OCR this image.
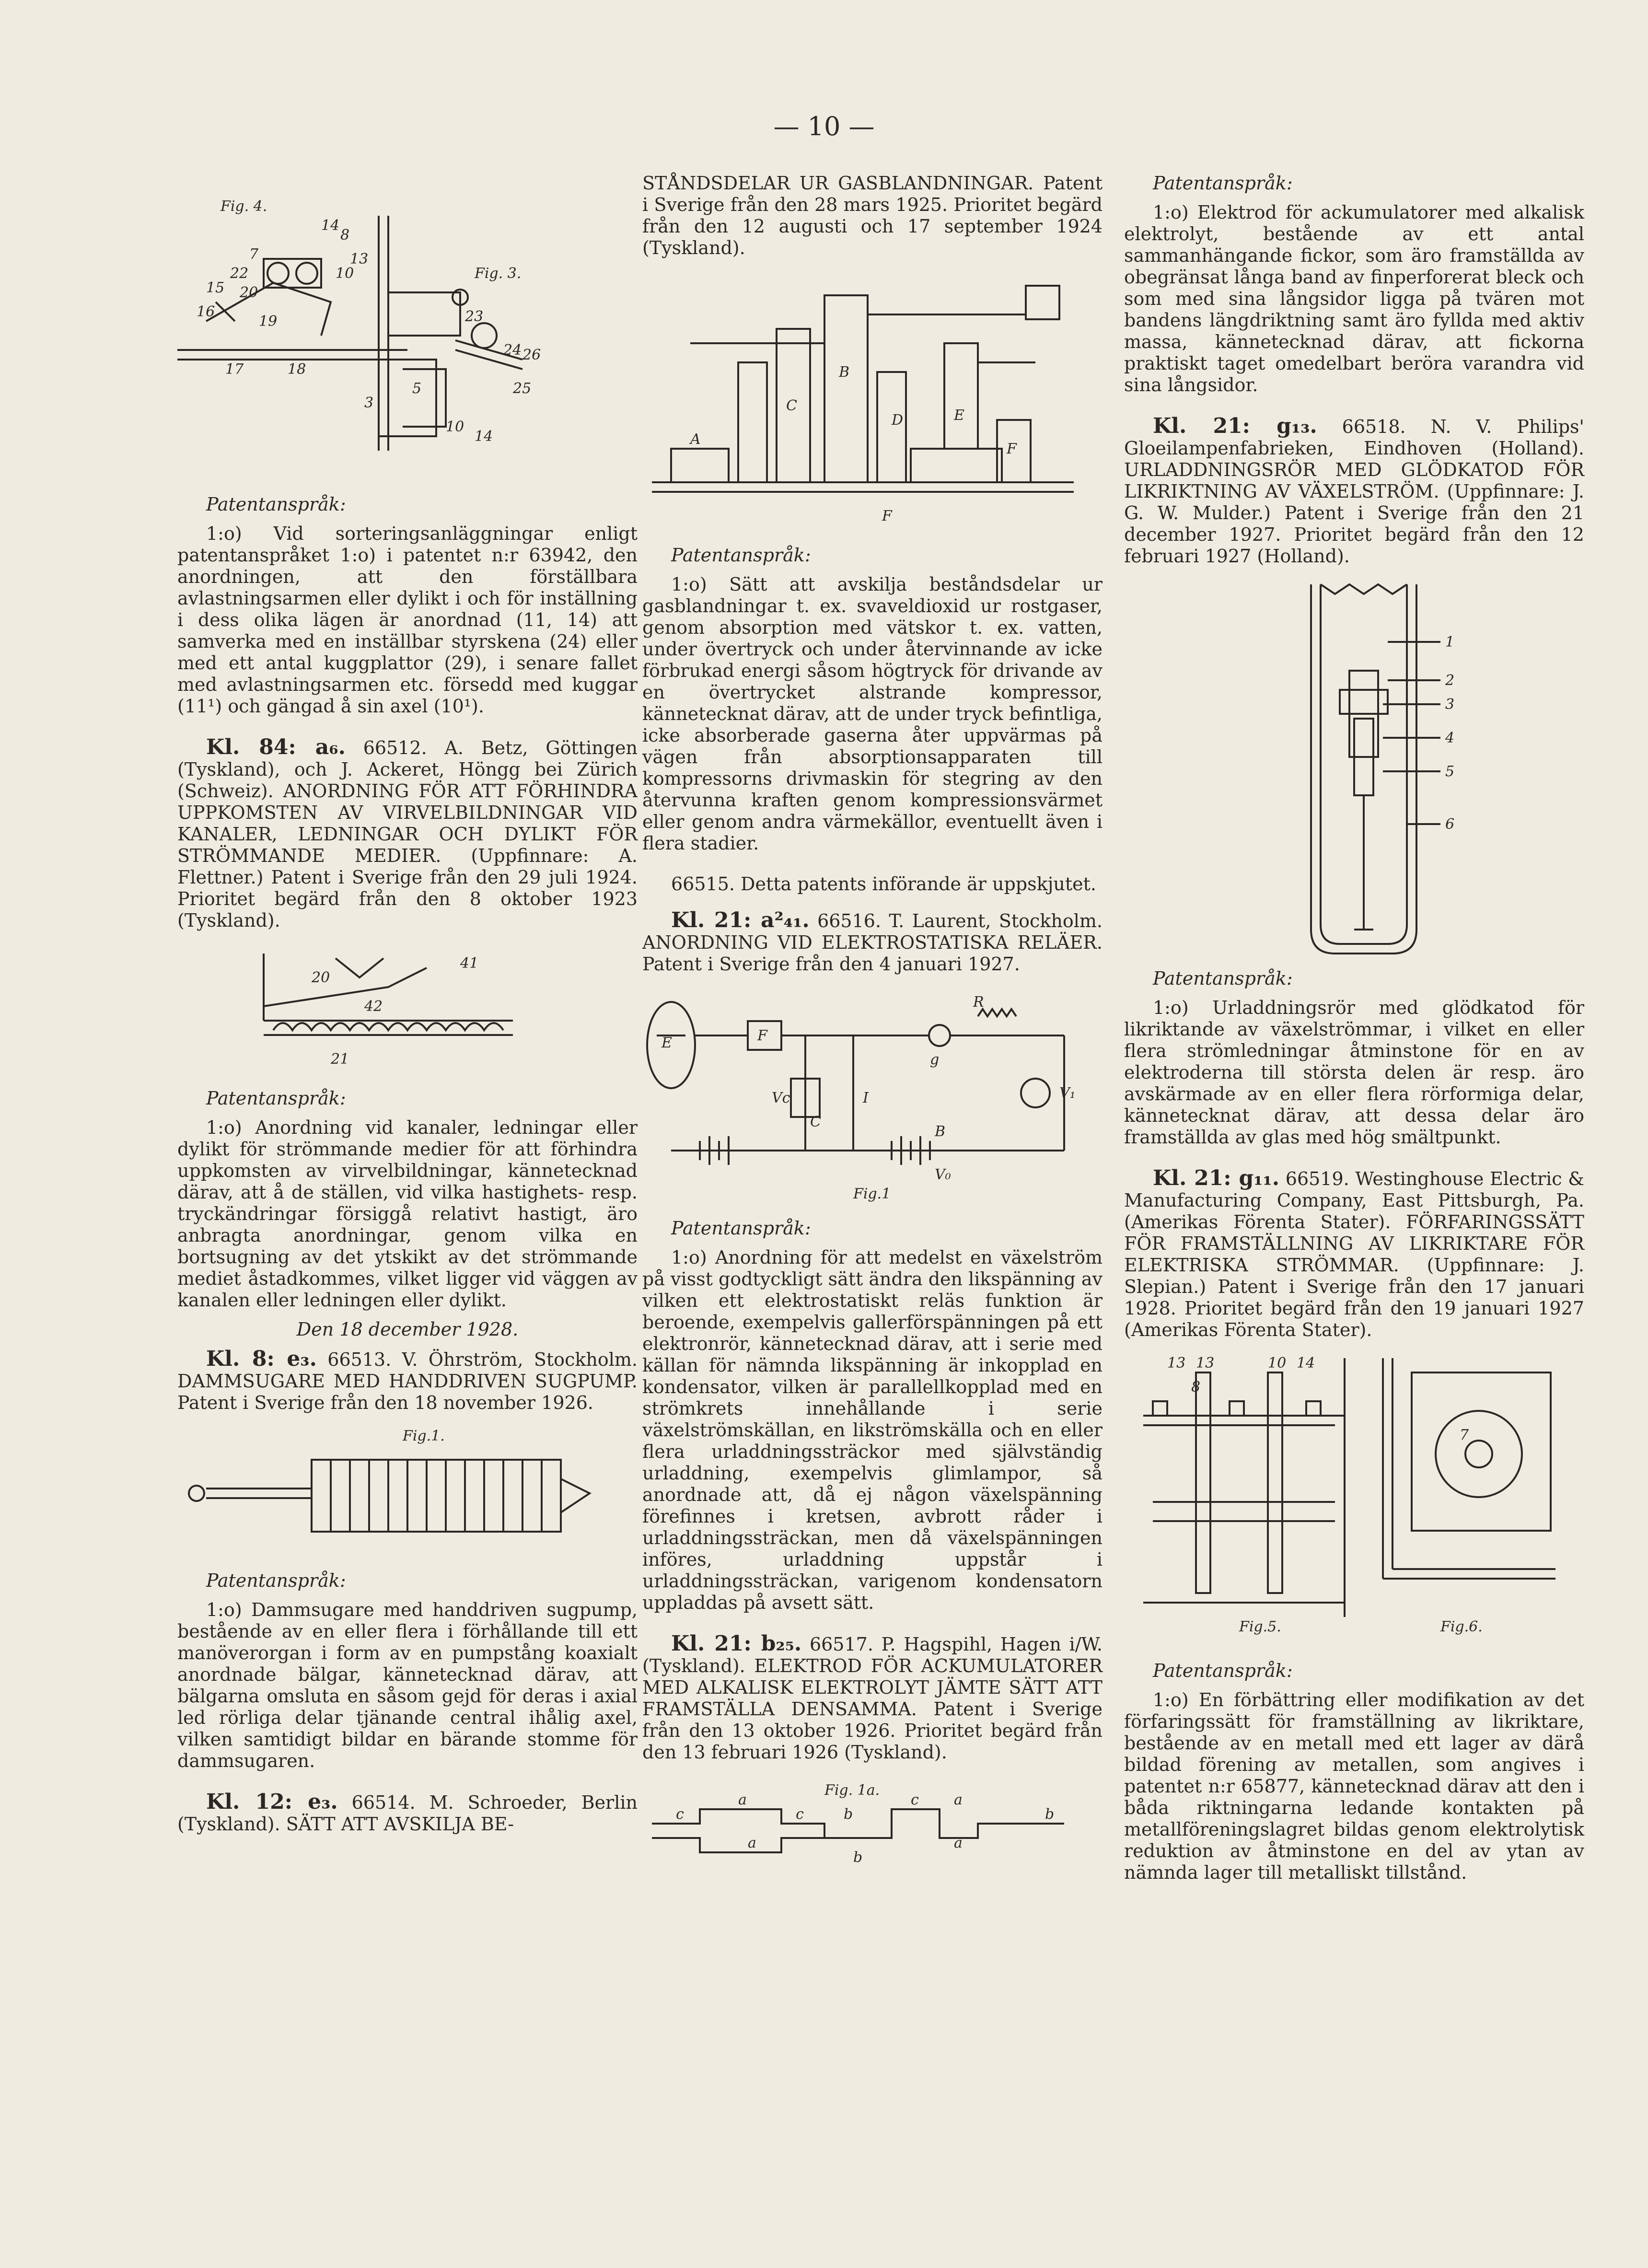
— 10 —
Fig. 4.
Fig. 3.
14
8
7	13
22	10
15 20
16
19
17	18
23
26
24
25
3
5
10
14

Patentanspråk:

1:o) Vid sorteringsanläggningar enligt patentanspråket 1:o) i patentet n:r 63942, den anordningen, att den förställbara avlastningsarmen eller dylikt i och för inställning i dess olika lägen är anordnad (11, 14) att samverka med en inställbar styrskena (24) eller med ett antal kuggplattor (29), i senare fallet med avlastningsarmen etc. försedd med kuggar (11¹) och gängad å sin axel (10¹).

Kl. 84: a₆. 66512. A. Betz, Göttingen (Tyskland), och J. Ackeret, Höngg bei Zürich (Schweiz). ANORDNING FÖR ATT FÖRHINDRA UPPKOMSTEN AV VIRVELBILDNINGAR VID KANALER, LEDNINGAR OCH DYLIKT FÖR STRÖMMANDE MEDIER. (Uppfinnare: A. Flettner.) Patent i Sverige från den 29 juli 1924. Prioritet begärd från den 8 oktober 1923 (Tyskland).

20
41
42
21

Patentanspråk:

1:o) Anordning vid kanaler, ledningar eller dylikt för strömmande medier för att förhindra uppkomsten av virvelbildningar, kännetecknad därav, att å de ställen, vid vilka hastighets- resp. tryckändringar försiggå relativt hastigt, äro anbragta anordningar, genom vilka en bortsugning av det ytskikt av det strömmande mediet åstadkommes, vilket ligger vid väggen av kanalen eller ledningen eller dylikt.

Den 18 december 1928.

Kl. 8: e₃. 66513. V. Öhrström, Stockholm. DAMMSUGARE MED HANDDRIVEN SUGPUMP. Patent i Sverige från den 18 november 1926.

Fig.1.

Patentanspråk:

1:o) Dammsugare med handdriven sugpump, bestående av en eller flera i förhållande till ett manöverorgan i form av en pumpstång koaxialt anordnade bälgar, kännetecknad därav, att bälgarna omsluta en såsom gejd för deras i axial led rörliga delar tjänande central ihålig axel, vilken samtidigt bildar en bärande stomme för dammsugaren.

Kl. 12: e₃. 66514. M. Schroeder, Berlin (Tyskland). SÄTT ATT AVSKILJA BE-

STÅNDSDELAR UR GASBLANDNINGAR. Patent i Sverige från den 28 mars 1925. Prioritet begärd från den 12 augusti och 17 september 1924 (Tyskland).

A
B
C
E
F
D
F

Patentanspråk:

1:o) Sätt att avskilja beståndsdelar ur gasblandningar t. ex. svaveldioxid ur rostgaser, genom absorption med vätskor t. ex. vatten, under övertryck och under återvinnande av icke förbrukad energi såsom högtryck för drivande av en övertrycket alstrande kompressor, kännetecknat därav, att de under tryck befintliga, icke absorberade gaserna åter uppvärmas på vägen från absorptionsapparaten till kompressorns drivmaskin för stegring av den återvunna kraften genom kompressionsvärmet eller genom andra värmekällor, eventuellt även i flera stadier.

66515. Detta patents införande är uppskjutet.

Kl. 21: a²₄₁. 66516. T. Laurent, Stockholm. ANORDNING VID ELEKTROSTATISKA RELÄER. Patent i Sverige från den 4 januari 1927.

E	F
R
g
Vc
C
I	V₁
B
V₀
Fig.1

Patentanspråk:

1:o) Anordning för att medelst en växelström på visst godtyckligt sätt ändra den likspänning av vilken ett elektrostatiskt reläs funktion är beroende, exempelvis gallerförspänningen på ett elektronrör, kännetecknad därav, att i serie med källan för nämnda likspänning är inkopplad en kondensator, vilken är parallellkopplad med en strömkrets innehållande i serie växelströmskällan, en likströmskälla och en eller flera urladdningssträckor med självständig urladdning, exempelvis glimlampor, så anordnade att, då ej någon växelspänning förefinnes i kretsen, avbrott råder i urladdningssträckan, men då växelspänningen införes, urladdning uppstår i urladdningssträckan, varigenom kondensatorn uppladdas på avsett sätt.

Kl. 21: b₂₅. 66517. P. Hagspihl, Hagen i/W. (Tyskland). ELEKTROD FÖR ACKUMULATORER MED ALKALISK ELEKTROLYT JÄMTE SÄTT ATT FRAMSTÄLLA DENSAMMA. Patent i Sverige från den 13 oktober 1926. Prioritet begärd från den 13 februari 1926 (Tyskland).

Fig. 1a.
c
a
a
c	b
b
c a
a
b

Patentanspråk:

1:o) Elektrod för ackumulatorer med alkalisk elektrolyt, bestående av ett antal sammanhängande fickor, som äro framställda av obegränsat långa band av finperforerat bleck och som med sina långsidor ligga på tvären mot bandens längdriktning samt äro fyllda med aktiv massa, kännetecknad därav, att fickorna praktiskt taget omedelbart beröra varandra vid sina långsidor.

Kl. 21: g₁₃. 66518. N. V. Philips' Gloeilampenfabrieken, Eindhoven (Holland). URLADDNINGSRÖR MED GLÖDKATOD FÖR LIKRIKTNING AV VÄXELSTRÖM. (Uppfinnare: J. G. W. Mulder.) Patent i Sverige från den 21 december 1927. Prioritet begärd från den 12 februari 1927 (Holland).

1
2
3
4
5
6

Patentanspråk:

1:o) Urladdningsrör med glödkatod för likriktande av växelströmmar, i vilket en eller flera strömledningar åtminstone för en av elektroderna till största delen är resp. äro avskärmade av en eller flera rörformiga delar, kännetecknat därav, att dessa delar äro framställda av glas med hög smältpunkt.

Kl. 21: g₁₁. 66519. Westinghouse Electric & Manufacturing Company, East Pittsburgh, Pa. (Amerikas Förenta Stater). FÖRFARINGSSÄTT FÖR FRAMSTÄLLNING AV LIKRIKTARE FÖR ELEKTRISKA STRÖMMAR. (Uppfinnare: J. Slepian.) Patent i Sverige från den 17 januari 1928. Prioritet begärd från den 19 januari 1927 (Amerikas Förenta Stater).

13 13	10 14
8
7
Fig.5.	Fig.6.

Patentanspråk:

1:o) En förbättring eller modifikation av det förfaringssätt för framställning av likriktare, bestående av en metall med ett lager av därå bildad förening av metallen, som angives i patentet n:r 65877, kännetecknad därav att den i båda riktningarna ledande kontakten på metallföreningslagret bildas genom elektrolytisk reduktion av åtminstone en del av ytan av nämnda lager till metalliskt tillstånd.
